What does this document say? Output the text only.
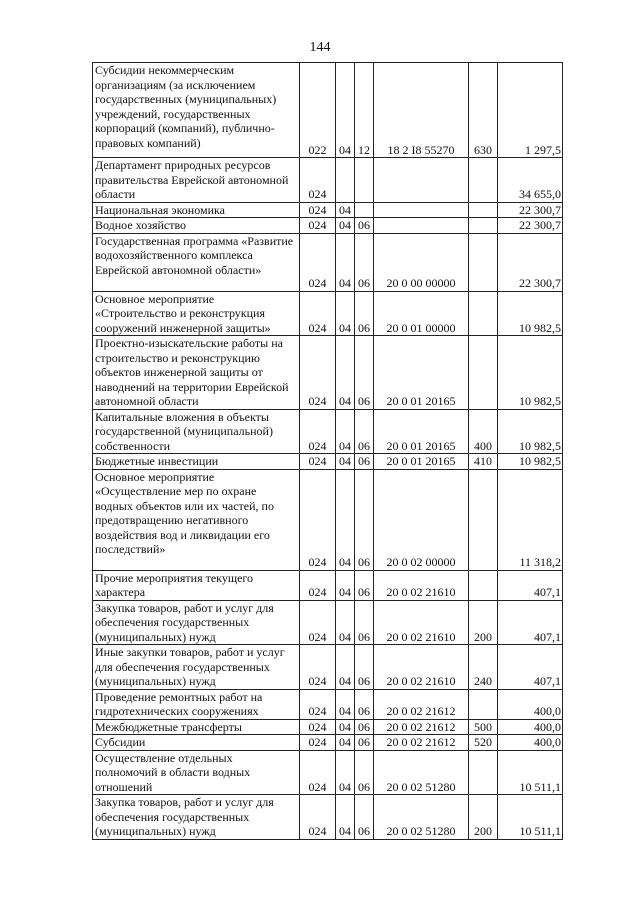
144
Субсидии некоммерческим организациям (за исключением государственных (муниципальных) учреждений, государственных корпораций (компаний), публично-правовых компаний)	022	04	12	18 2 I8 55270	630	1 297,5
Департамент природных ресурсов правительства Еврейской автономной области	024					34 655,0
Национальная экономика	024	04				22 300,7
Водное хозяйство	024	04	06			22 300,7
Государственная программа «Развитие водохозяйственного комплекса Еврейской автономной области»	024	04	06	20 0 00 00000		22 300,7
Основное мероприятие «Строительство и реконструкция сооружений инженерной защиты»	024	04	06	20 0 01 00000		10 982,5
Проектно-изыскательские работы на строительство и реконструкцию объектов инженерной защиты от наводнений на территории Еврейской автономной области	024	04	06	20 0 01 20165		10 982,5
Капитальные вложения в объекты государственной (муниципальной) собственности	024	04	06	20 0 01 20165	400	10 982,5
Бюджетные инвестиции	024	04	06	20 0 01 20165	410	10 982,5
Основное мероприятие «Осуществление мер по охране водных объектов или их частей, по предотвращению негативного воздействия вод и ликвидации его последствий»	024	04	06	20 0 02 00000		11 318,2
Прочие мероприятия текущего характера	024	04	06	20 0 02 21610		407,1
Закупка товаров, работ и услуг для обеспечения государственных (муниципальных) нужд	024	04	06	20 0 02 21610	200	407,1
Иные закупки товаров, работ и услуг для обеспечения государственных (муниципальных) нужд	024	04	06	20 0 02 21610	240	407,1
Проведение ремонтных работ на гидротехнических сооружениях	024	04	06	20 0 02 21612		400,0
Межбюджетные трансферты	024	04	06	20 0 02 21612	500	400,0
Субсидии	024	04	06	20 0 02 21612	520	400,0
Осуществление отдельных полномочий в области водных отношений	024	04	06	20 0 02 51280		10 511,1
Закупка товаров, работ и услуг для обеспечения государственных (муниципальных) нужд	024	04	06	20 0 02 51280	200	10 511,1
